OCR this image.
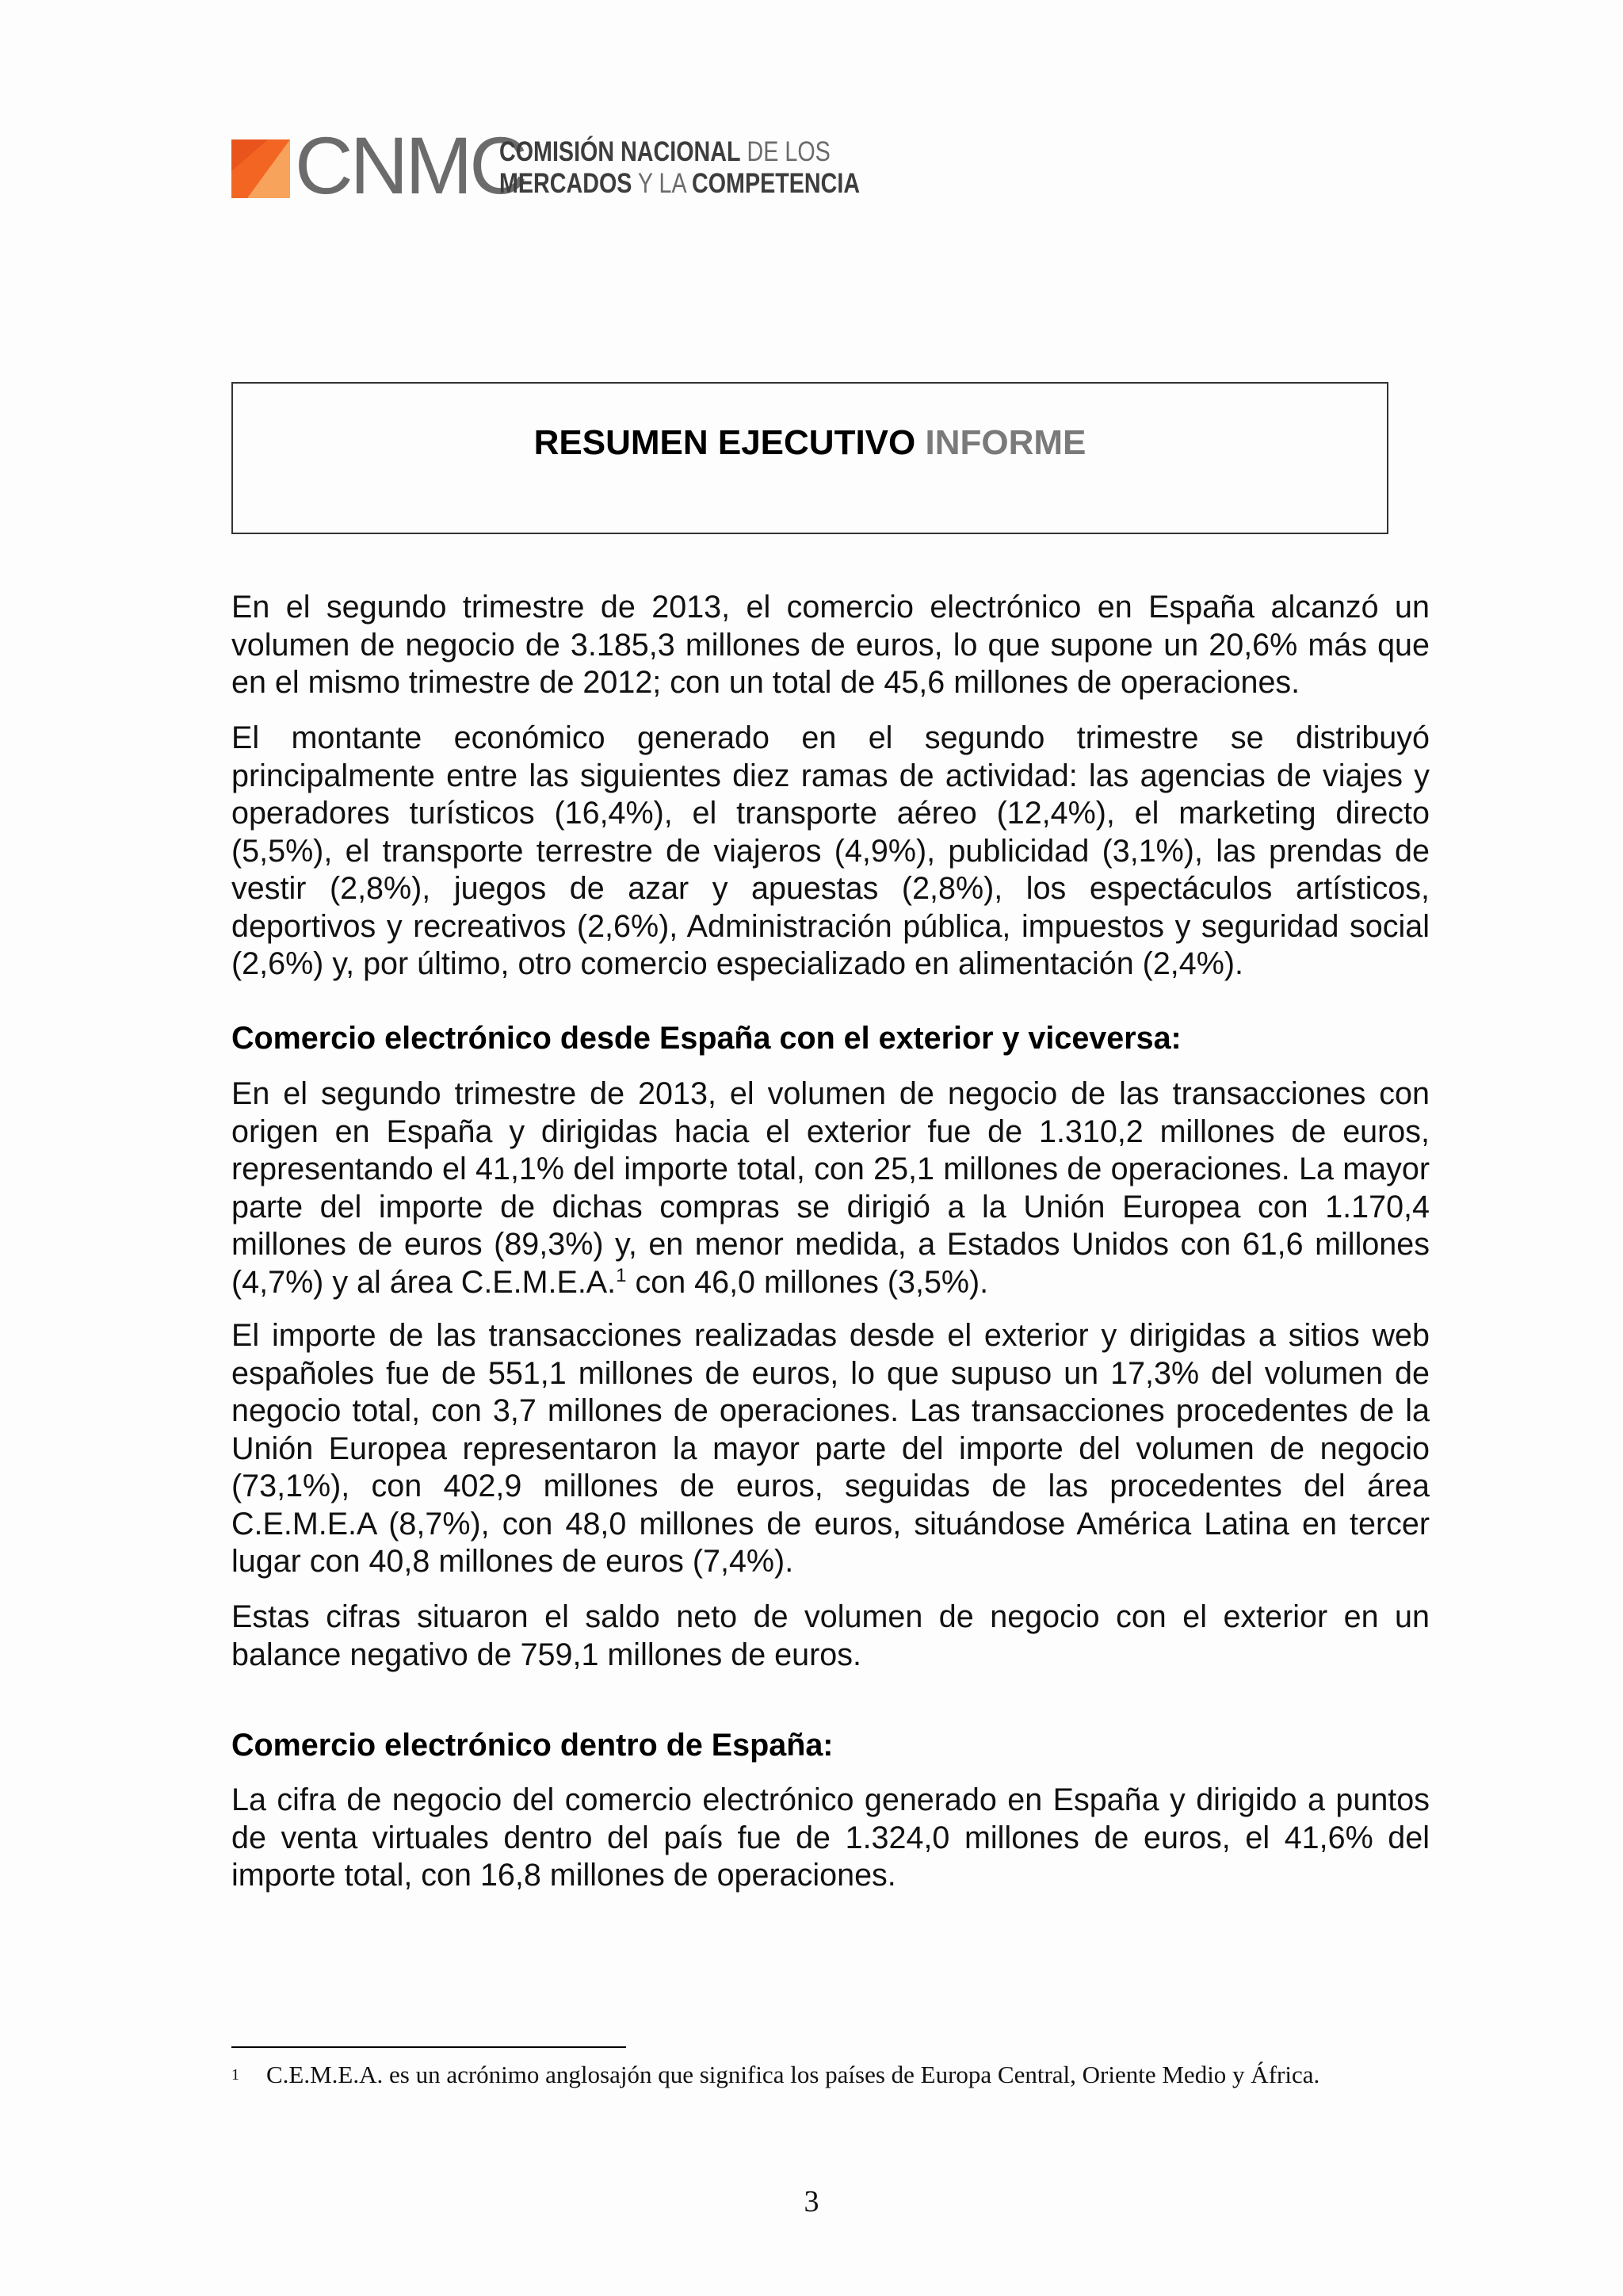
CNMC
COMISIÓN NACIONAL DE LOS
MERCADOS Y LA COMPETENCIA
RESUMEN EJECUTIVO INFORME

En el segundo trimestre de 2013, el comercio electrónico en España alcanzó un volumen de negocio de 3.185,3 millones de euros, lo que supone un 20,6% más que en el mismo trimestre de 2012; con un total de 45,6 millones de operaciones.

El montante económico generado en el segundo trimestre se distribuyó principalmente entre las siguientes diez ramas de actividad: las agencias de viajes y operadores turísticos (16,4%), el transporte aéreo (12,4%), el marketing directo (5,5%), el transporte terrestre de viajeros (4,9%), publicidad (3,1%), las prendas de vestir (2,8%), juegos de azar y apuestas (2,8%), los espectáculos artísticos, deportivos y recreativos (2,6%), Administración pública, impuestos y seguridad social (2,6%) y, por último, otro comercio especializado en alimentación (2,4%).

Comercio electrónico desde España con el exterior y viceversa:

En el segundo trimestre de 2013, el volumen de negocio de las transacciones con origen en España y dirigidas hacia el exterior fue de 1.310,2 millones de euros, representando el 41,1% del importe total, con 25,1 millones de operaciones. La mayor parte del importe de dichas compras se dirigió a la Unión Europea con 1.170,4 millones de euros (89,3%) y, en menor medida, a Estados Unidos con 61,6 millones (4,7%) y al área C.E.M.E.A.$^1$ con 46,0 millones (3,5%).

El importe de las transacciones realizadas desde el exterior y dirigidas a sitios web españoles fue de 551,1 millones de euros, lo que supuso un 17,3% del volumen de negocio total, con 3,7 millones de operaciones. Las transacciones procedentes de la Unión Europea representaron la mayor parte del importe del volumen de negocio (73,1%), con 402,9 millones de euros, seguidas de las procedentes del área C.E.M.E.A (8,7%), con 48,0 millones de euros, situándose América Latina en tercer lugar con 40,8 millones de euros (7,4%).

Estas cifras situaron el saldo neto de volumen de negocio con el exterior en un balance negativo de 759,1 millones de euros.

Comercio electrónico dentro de España:

La cifra de negocio del comercio electrónico generado en España y dirigido a puntos de venta virtuales dentro del país fue de 1.324,0 millones de euros, el 41,6% del importe total, con 16,8 millones de operaciones.

$^1$ C.E.M.E.A. es un acrónimo anglosajón que significa los países de Europa Central, Oriente Medio y África.
3
